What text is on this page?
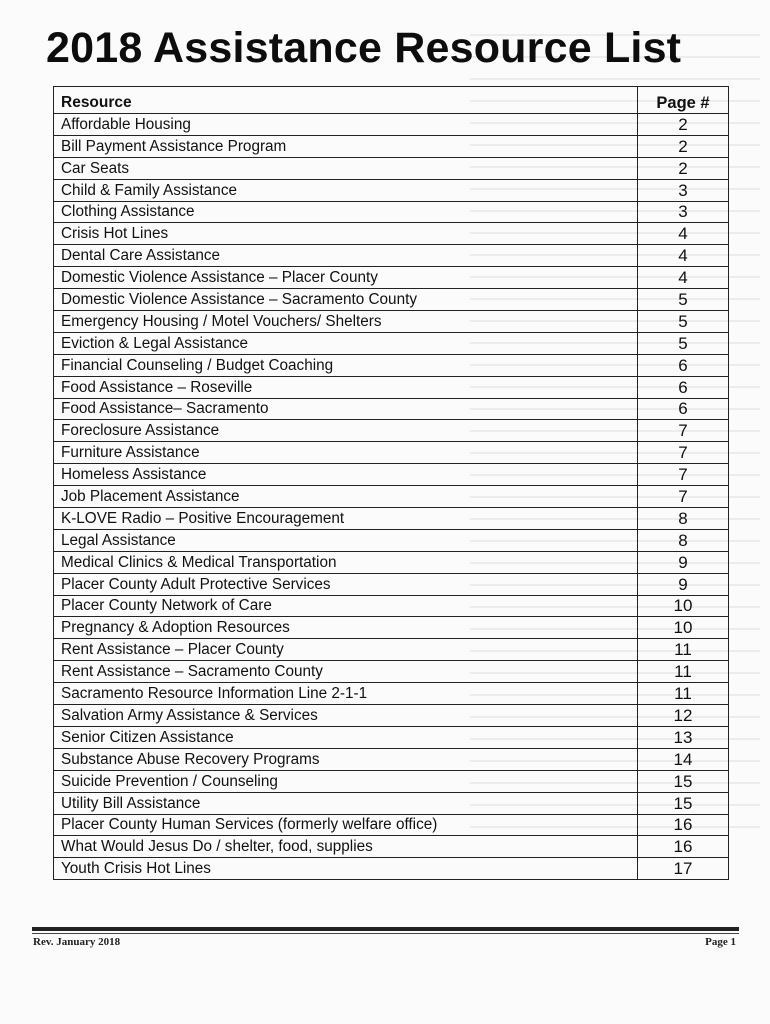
2018 Assistance Resource List
Resource	Page #
Affordable Housing	2
Bill Payment Assistance Program	2
Car Seats	2
Child & Family Assistance	3
Clothing Assistance	3
Crisis Hot Lines	4
Dental Care Assistance	4
Domestic Violence Assistance – Placer County	4
Domestic Violence Assistance – Sacramento County	5
Emergency Housing / Motel Vouchers/ Shelters	5
Eviction & Legal Assistance	5
Financial Counseling / Budget Coaching	6
Food Assistance – Roseville	6
Food Assistance– Sacramento	6
Foreclosure Assistance	7
Furniture Assistance	7
Homeless Assistance	7
Job Placement Assistance	7
K-LOVE Radio – Positive Encouragement	8
Legal Assistance	8
Medical Clinics & Medical Transportation	9
Placer County Adult Protective Services	9
Placer County Network of Care	10
Pregnancy & Adoption Resources	10
Rent Assistance – Placer County	11
Rent Assistance – Sacramento County	11
Sacramento Resource Information Line 2-1-1	11
Salvation Army Assistance & Services	12
Senior Citizen Assistance	13
Substance Abuse Recovery Programs	14
Suicide Prevention / Counseling	15
Utility Bill Assistance	15
Placer County Human Services (formerly welfare office)	16
What Would Jesus Do / shelter, food, supplies	16
Youth Crisis Hot Lines	17
Rev. January 2018	Page 1
